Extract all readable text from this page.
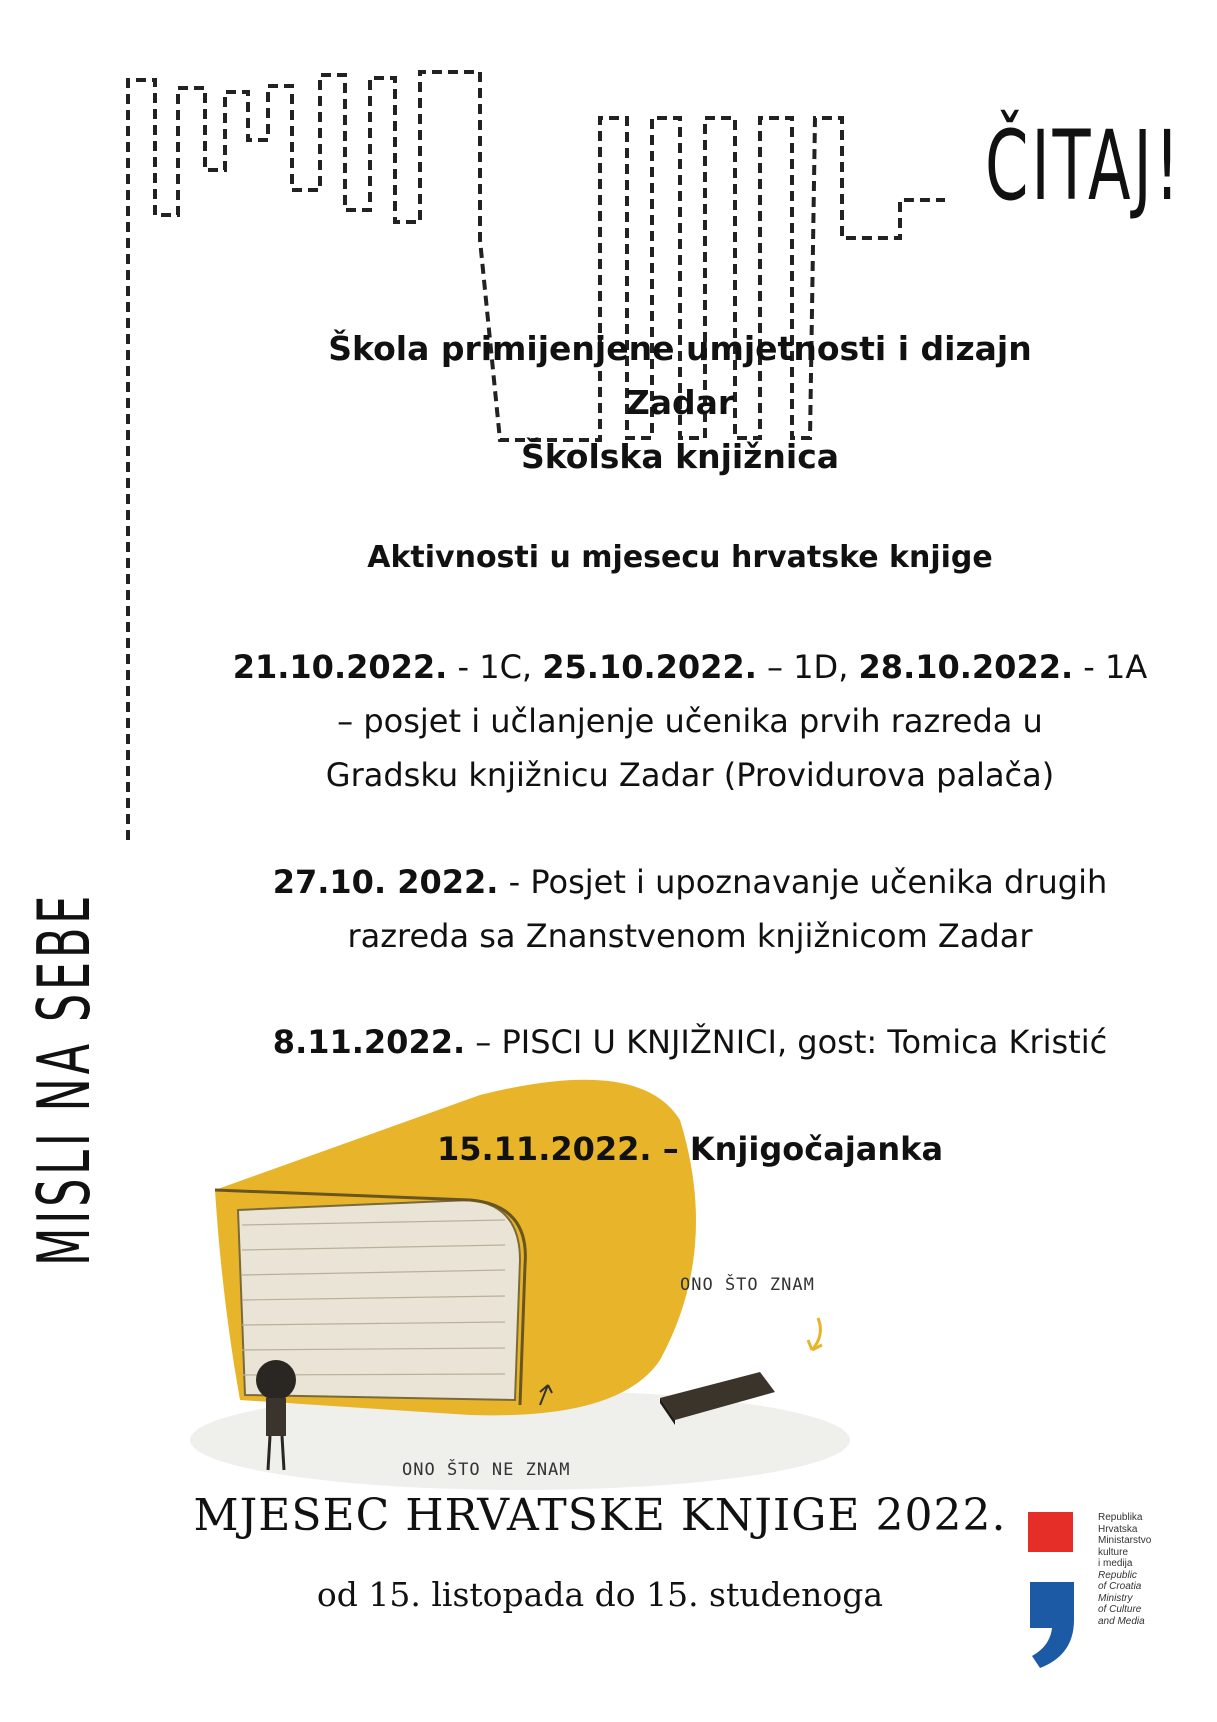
ČITAJ!
MISLI NA SEBE
Škola primijenjene umjetnosti i dizajn
Zadar
Školska knjižnica
Aktivnosti u mjesecu hrvatske knjige
21.10.2022. - 1C, 25.10.2022. – 1D, 28.10.2022. - 1A
– posjet i učlanjenje učenika prvih razreda u
Gradsku knjižnicu Zadar (Providurova palača)
27.10. 2022. - Posjet i upoznavanje učenika drugih
razreda sa Znanstvenom knjižnicom Zadar
8.11.2022. – PISCI U KNJIŽNICI, gost: Tomica Kristić
15.11.2022. – Knjigočajanka
ONO ŠTO ZNAM
ONO ŠTO NE ZNAM
MJESEC HRVATSKE KNJIGE 2022.
od 15. listopada do 15. studenoga
Republika
Hrvatska
Ministarstvo
kulture
i medija
Republic
of Croatia
Ministry
of Culture
and Media
